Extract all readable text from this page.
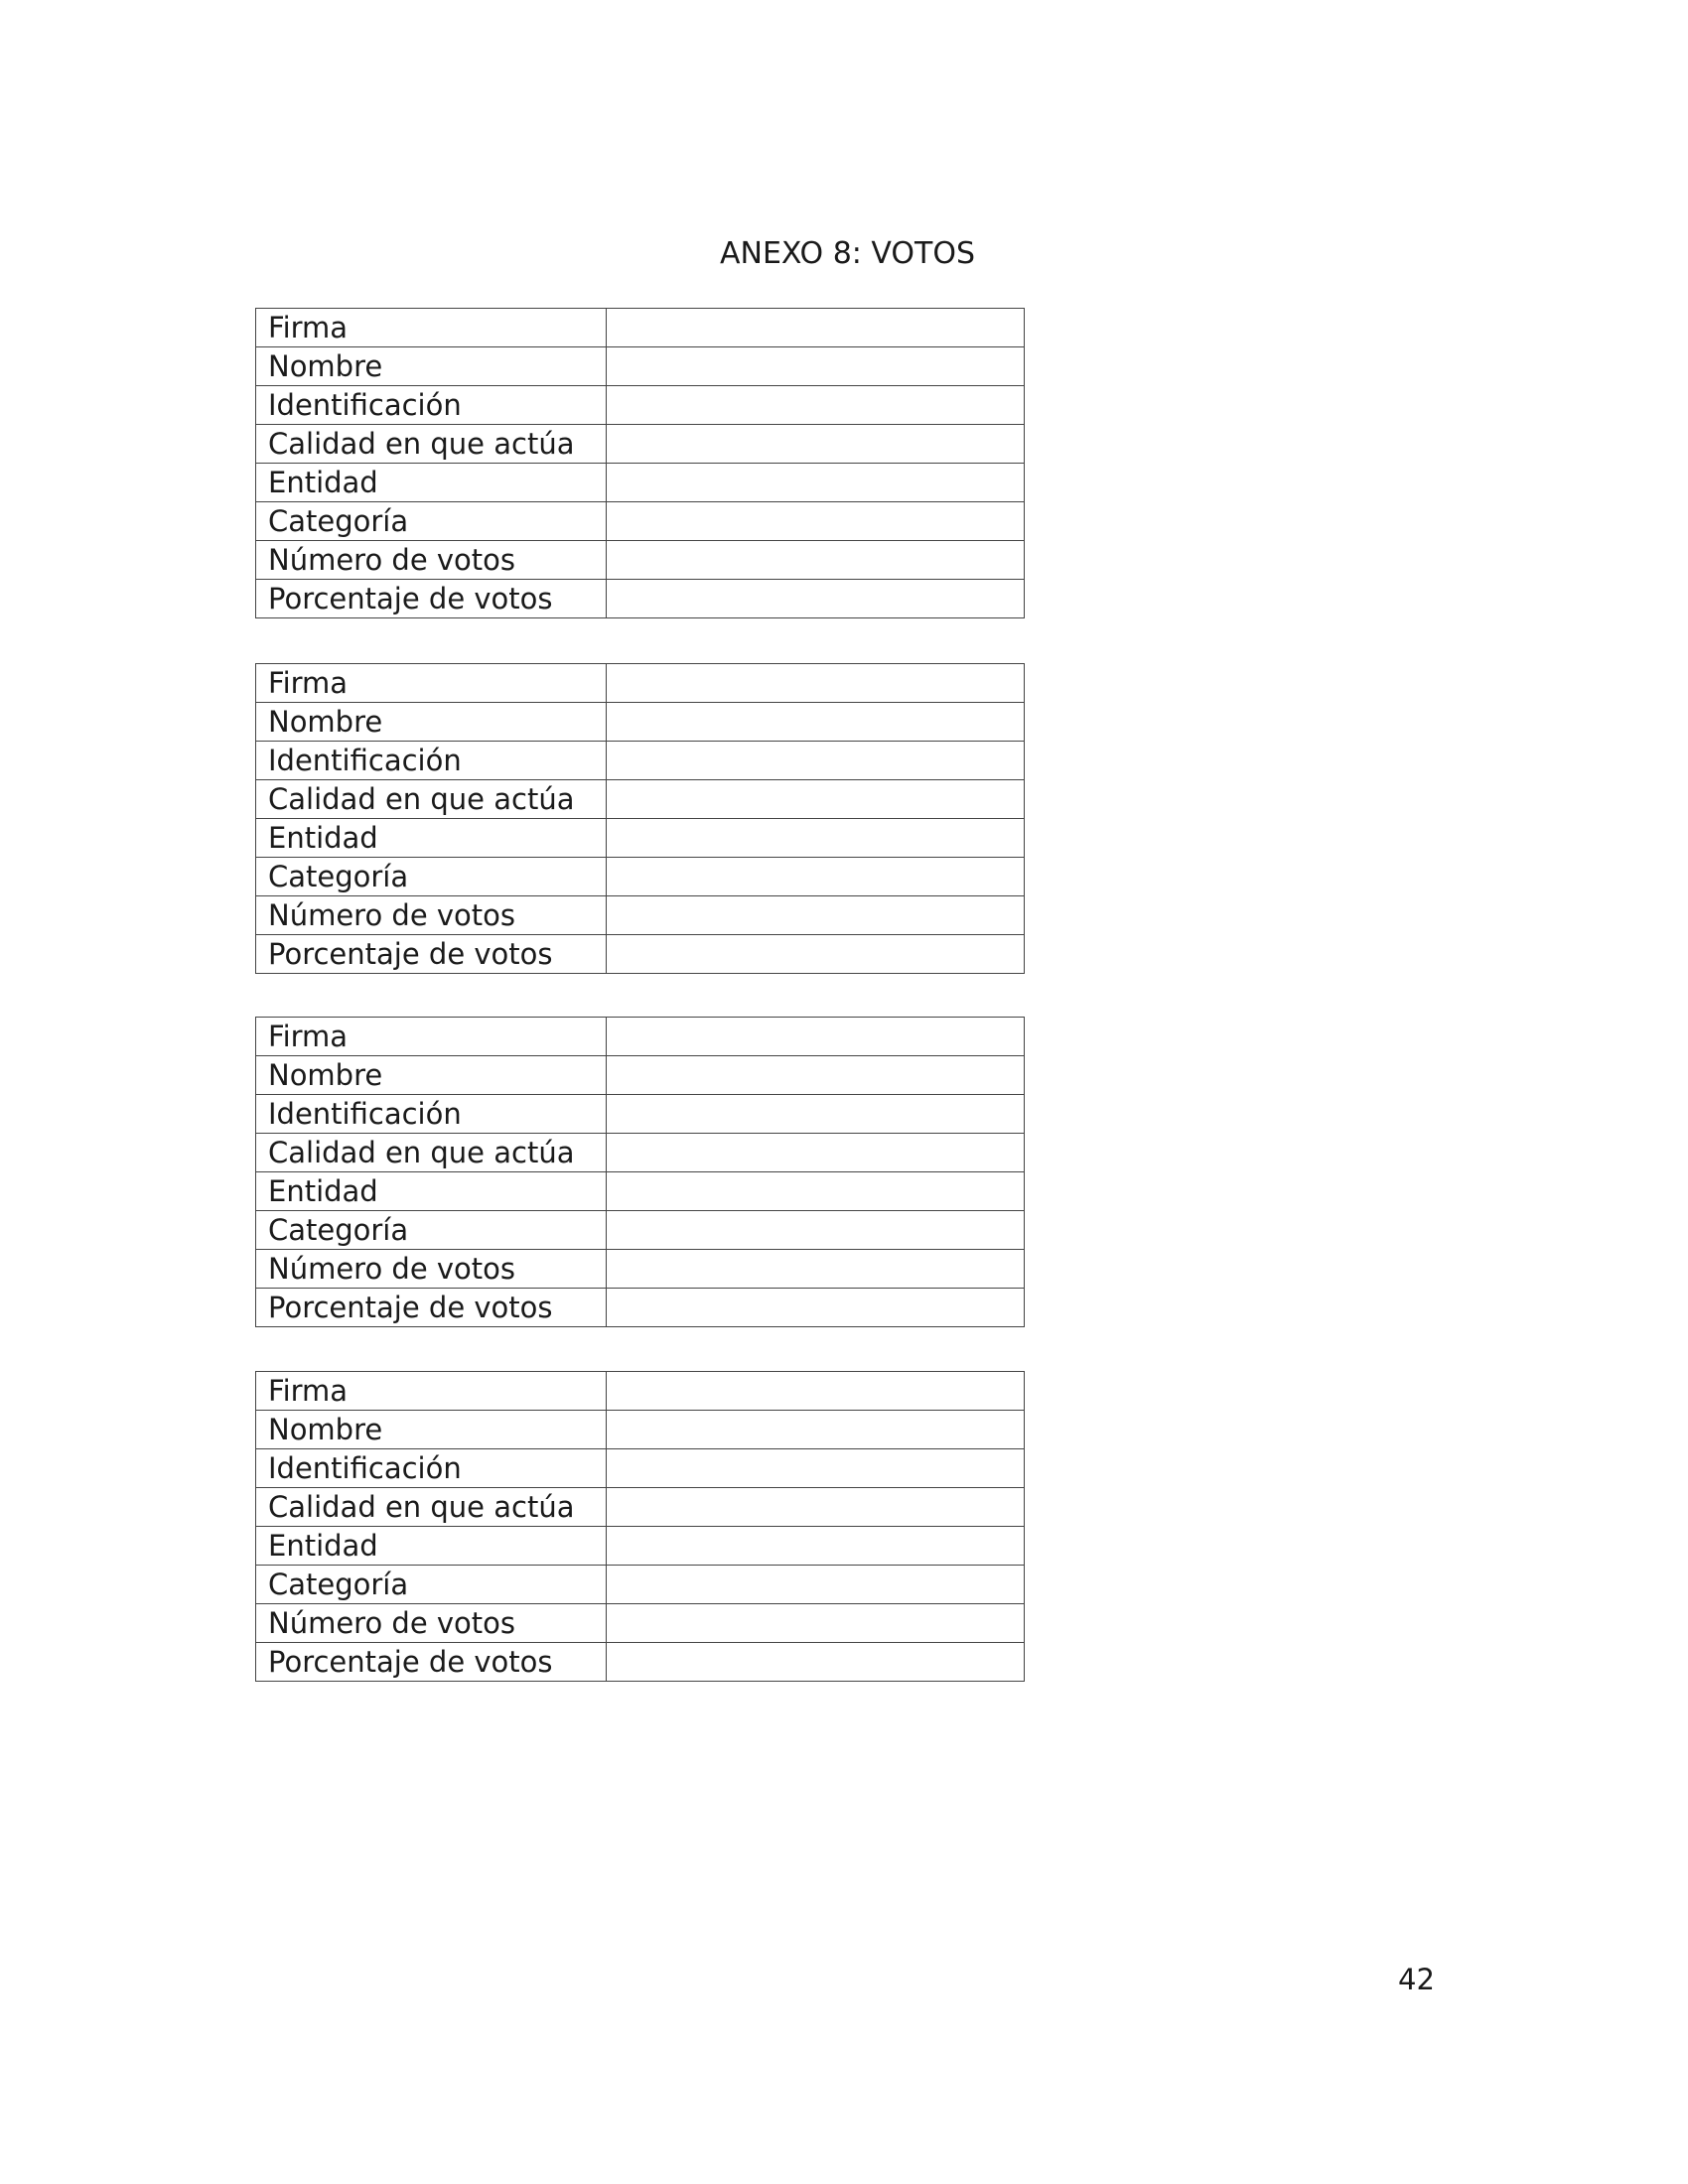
ANEXO 8: VOTOS
Firma	
Nombre	
Identificación	
Calidad en que actúa	
Entidad	
Categoría	
Número de votos	
Porcentaje de votos	
Firma	
Nombre	
Identificación	
Calidad en que actúa	
Entidad	
Categoría	
Número de votos	
Porcentaje de votos	
Firma	
Nombre	
Identificación	
Calidad en que actúa	
Entidad	
Categoría	
Número de votos	
Porcentaje de votos	
Firma	
Nombre	
Identificación	
Calidad en que actúa	
Entidad	
Categoría	
Número de votos	
Porcentaje de votos	
42
